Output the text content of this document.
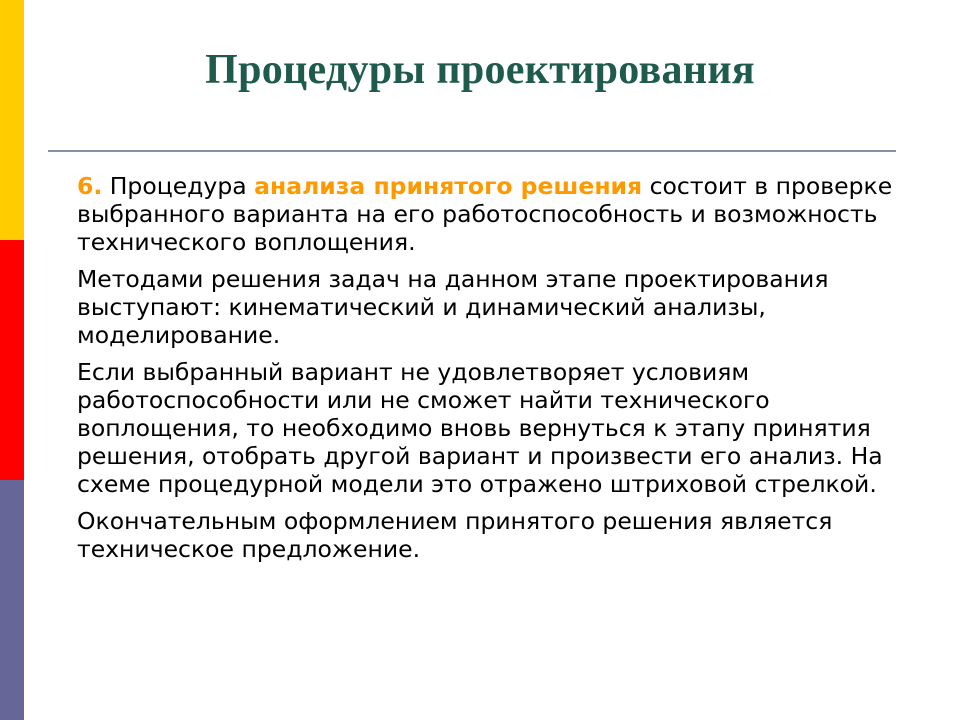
Процедуры проектирования

6. Процедура анализа принятого решения состоит в проверке выбранного варианта на его работоспособность и возможность технического воплощения.

Методами решения задач на данном этапе проектирования выступают: кинематический и динамический анализы, моделирование.

Если выбранный вариант не удовлетворяет условиям работоспособности или не сможет найти технического воплощения, то необходимо вновь вернуться к этапу принятия решения, отобрать другой вариант и произвести его анализ. На схеме процедурной модели это отражено штриховой стрелкой.

Окончательным оформлением принятого решения является техническое предложение.
